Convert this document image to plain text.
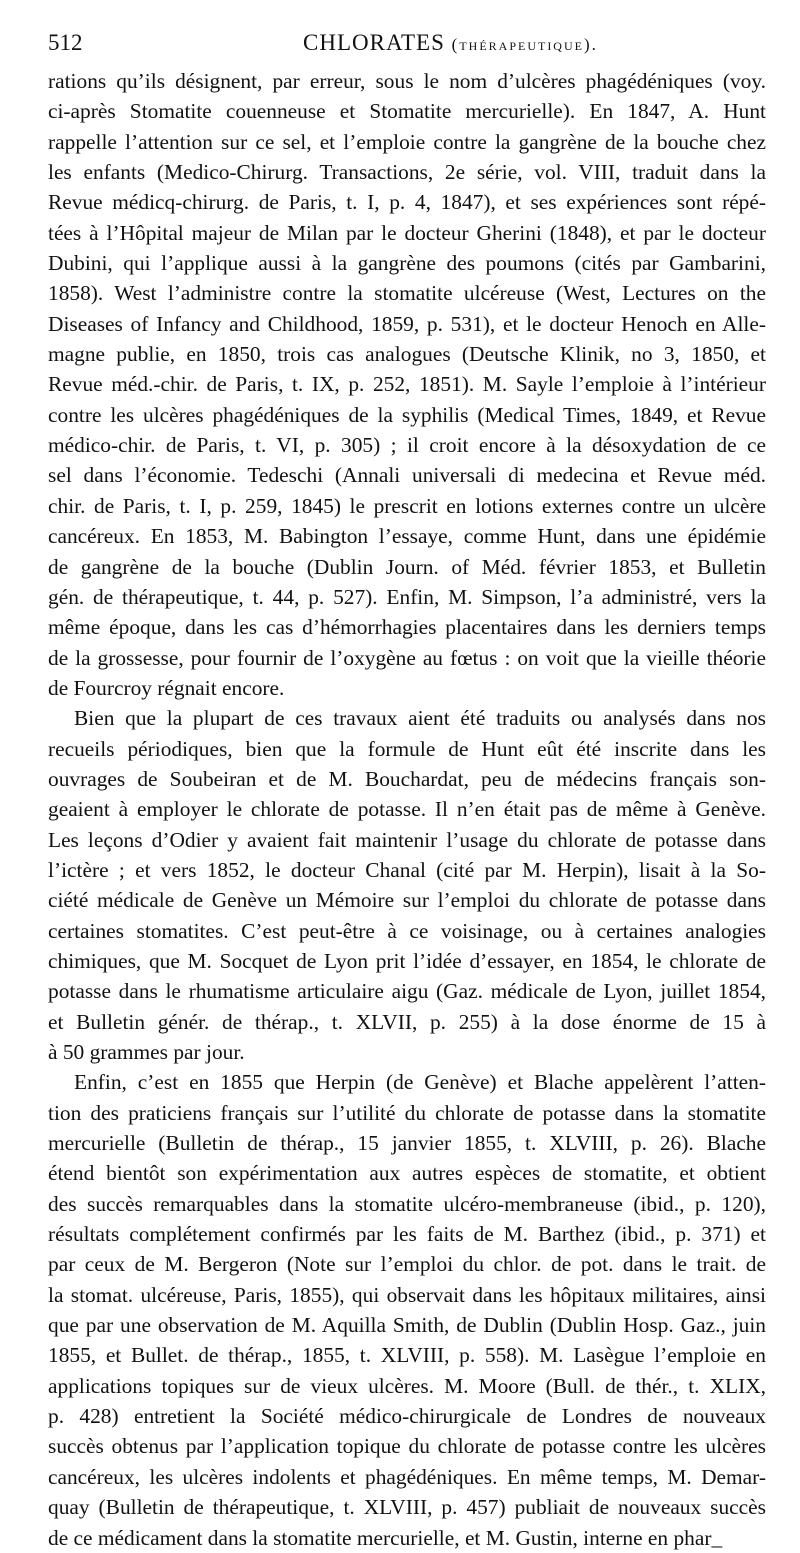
512	CHLORATES (thérapeutique).
rations qu’ils désignent, par erreur, sous le nom d’ulcères phagédéniques (voy.
ci-après Stomatite couenneuse et Stomatite mercurielle). En 1847, A. Hunt
rappelle l’attention sur ce sel, et l’emploie contre la gangrène de la bouche chez
les enfants (Medico-Chirurg. Transactions, 2e série, vol. VIII, traduit dans la
Revue médicq-chirurg. de Paris, t. I, p. 4, 1847), et ses expériences sont répé-
tées à l’Hôpital majeur de Milan par le docteur Gherini (1848), et par le docteur
Dubini, qui l’applique aussi à la gangrène des poumons (cités par Gambarini,
1858). West l’administre contre la stomatite ulcéreuse (West, Lectures on the
Diseases of Infancy and Childhood, 1859, p. 531), et le docteur Henoch en Alle-
magne publie, en 1850, trois cas analogues (Deutsche Klinik, no 3, 1850, et
Revue méd.-chir. de Paris, t. IX, p. 252, 1851). M. Sayle l’emploie à l’intérieur
contre les ulcères phagédéniques de la syphilis (Medical Times, 1849, et Revue
médico-chir. de Paris, t. VI, p. 305) ; il croit encore à la désoxydation de ce
sel dans l’économie. Tedeschi (Annali universali di medecina et Revue méd.
chir. de Paris, t. I, p. 259, 1845) le prescrit en lotions externes contre un ulcère
cancéreux. En 1853, M. Babington l’essaye, comme Hunt, dans une épidémie
de gangrène de la bouche (Dublin Journ. of Méd. février 1853, et Bulletin
gén. de thérapeutique, t. 44, p. 527). Enfin, M. Simpson, l’a administré, vers la
même époque, dans les cas d’hémorrhagies placentaires dans les derniers temps
de la grossesse, pour fournir de l’oxygène au fœtus : on voit que la vieille théorie
de Fourcroy régnait encore.
Bien que la plupart de ces travaux aient été traduits ou analysés dans nos
recueils périodiques, bien que la formule de Hunt eût été inscrite dans les
ouvrages de Soubeiran et de M. Bouchardat, peu de médecins français son-
geaient à employer le chlorate de potasse. Il n’en était pas de même à Genève.
Les leçons d’Odier y avaient fait maintenir l’usage du chlorate de potasse dans
l’ictère ; et vers 1852, le docteur Chanal (cité par M. Herpin), lisait à la So-
ciété médicale de Genève un Mémoire sur l’emploi du chlorate de potasse dans
certaines stomatites. C’est peut-être à ce voisinage, ou à certaines analogies
chimiques, que M. Socquet de Lyon prit l’idée d’essayer, en 1854, le chlorate de
potasse dans le rhumatisme articulaire aigu (Gaz. médicale de Lyon, juillet 1854,
et Bulletin génér. de thérap., t. XLVII, p. 255) à la dose énorme de 15 à
à 50 grammes par jour.
Enfin, c’est en 1855 que Herpin (de Genève) et Blache appelèrent l’atten-
tion des praticiens français sur l’utilité du chlorate de potasse dans la stomatite
mercurielle (Bulletin de thérap., 15 janvier 1855, t. XLVIII, p. 26). Blache
étend bientôt son expérimentation aux autres espèces de stomatite, et obtient
des succès remarquables dans la stomatite ulcéro-membraneuse (ibid., p. 120),
résultats complétement confirmés par les faits de M. Barthez (ibid., p. 371) et
par ceux de M. Bergeron (Note sur l’emploi du chlor. de pot. dans le trait. de
la stomat. ulcéreuse, Paris, 1855), qui observait dans les hôpitaux militaires, ainsi
que par une observation de M. Aquilla Smith, de Dublin (Dublin Hosp. Gaz., juin
1855, et Bullet. de thérap., 1855, t. XLVIII, p. 558). M. Lasègue l’emploie en
applications topiques sur de vieux ulcères. M. Moore (Bull. de thér., t. XLIX,
p. 428) entretient la Société médico-chirurgicale de Londres de nouveaux
succès obtenus par l’application topique du chlorate de potasse contre les ulcères
cancéreux, les ulcères indolents et phagédéniques. En même temps, M. Demar-
quay (Bulletin de thérapeutique, t. XLVIII, p. 457) publiait de nouveaux succès
de ce médicament dans la stomatite mercurielle, et M. Gustin, interne en phar_
